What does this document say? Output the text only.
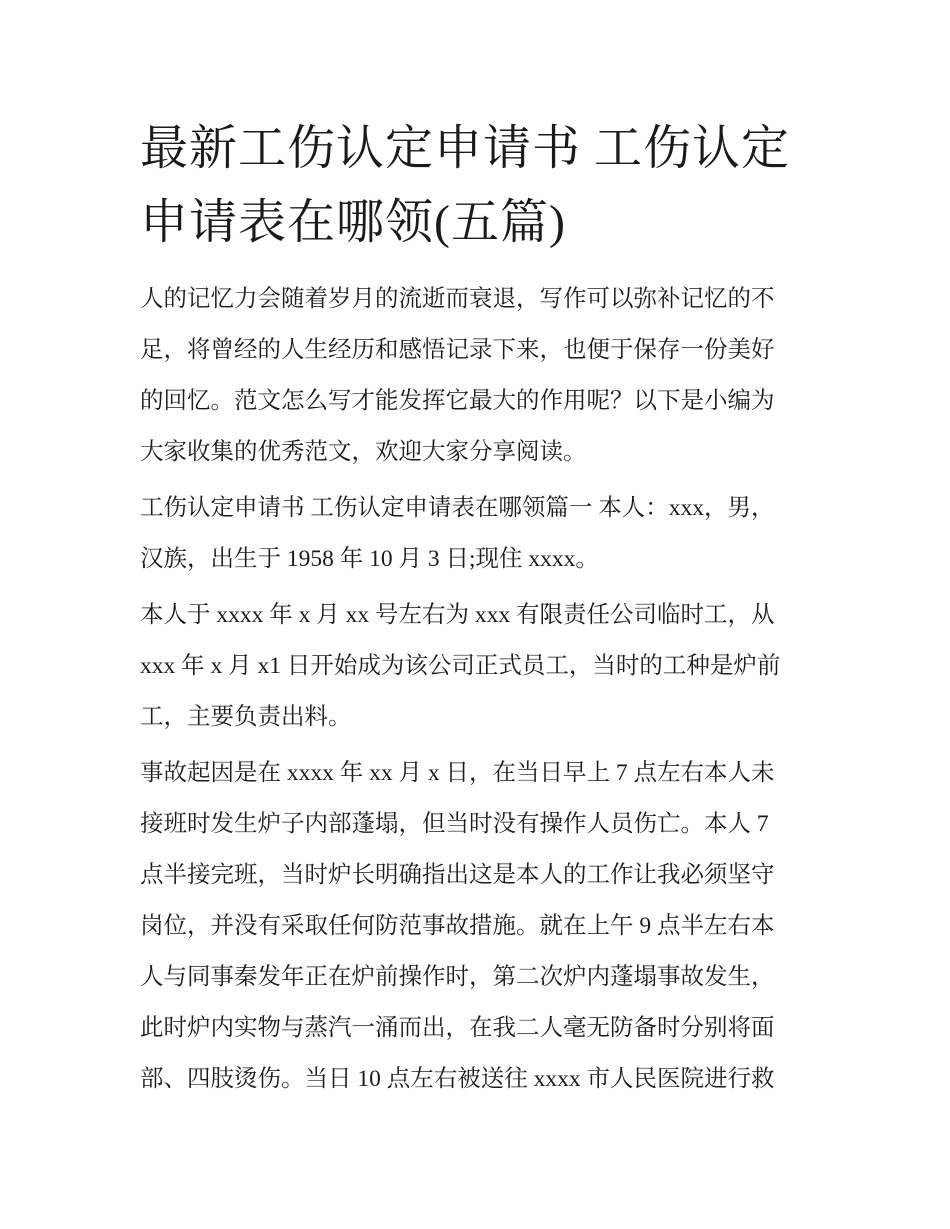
最新工伤认定申请书 工伤认定
申请表在哪领(五篇)

人的记忆力会随着岁月的流逝而衰退，写作可以弥补记忆的不
足，将曾经的人生经历和感悟记录下来，也便于保存一份美好
的回忆。范文怎么写才能发挥它最大的作用呢？以下是小编为
大家收集的优秀范文，欢迎大家分享阅读。

工伤认定申请书 工伤认定申请表在哪领篇一 本人：xxx，男，
汉族，出生于 1958 年 10 月 3 日;现住 xxxx。

本人于 xxxx 年 x 月 xx 号左右为 xxx 有限责任公司临时工，从
xxx 年 x 月 x1 日开始成为该公司正式员工，当时的工种是炉前
工，主要负责出料。

事故起因是在 xxxx 年 xx 月 x 日，在当日早上 7 点左右本人未
接班时发生炉子内部蓬塌，但当时没有操作人员伤亡。本人 7
点半接完班，当时炉长明确指出这是本人的工作让我必须坚守
岗位，并没有采取任何防范事故措施。就在上午 9 点半左右本
人与同事秦发年正在炉前操作时，第二次炉内蓬塌事故发生，
此时炉内实物与蒸汽一涌而出，在我二人毫无防备时分别将面
部、四肢烫伤。当日 10 点左右被送往 xxxx 市人民医院进行救
